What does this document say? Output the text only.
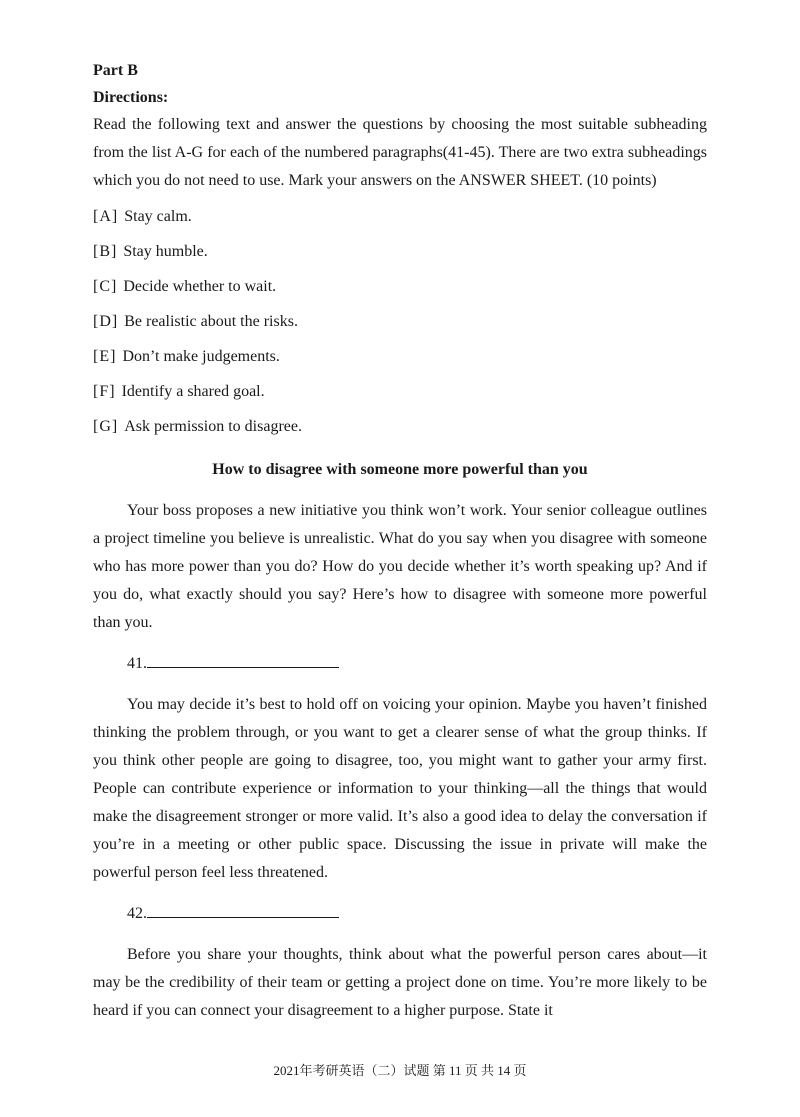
Part B

Directions:

Read the following text and answer the questions by choosing the most suitable subheading from the list A-G for each of the numbered paragraphs(41-45). There are two extra subheadings which you do not need to use. Mark your answers on the ANSWER SHEET. (10 points)

[A] Stay calm.
[B] Stay humble.
[C] Decide whether to wait.
[D] Be realistic about the risks.
[E] Don’t make judgements.
[F] Identify a shared goal.
[G] Ask permission to disagree.

How to disagree with someone more powerful than you

Your boss proposes a new initiative you think won’t work. Your senior colleague outlines a project timeline you believe is unrealistic. What do you say when you disagree with someone who has more power than you do? How do you decide whether it’s worth speaking up? And if you do, what exactly should you say? Here’s how to disagree with someone more powerful than you.

41.

You may decide it’s best to hold off on voicing your opinion. Maybe you haven’t finished thinking the problem through, or you want to get a clearer sense of what the group thinks. If you think other people are going to disagree, too, you might want to gather your army first. People can contribute experience or information to your thinking—all the things that would make the disagreement stronger or more valid. It’s also a good idea to delay the conversation if you’re in a meeting or other public space. Discussing the issue in private will make the powerful person feel less threatened.

42.

Before you share your thoughts, think about what the powerful person cares about—it may be the credibility of their team or getting a project done on time. You’re more likely to be heard if you can connect your disagreement to a higher purpose. State it

2021年考研英语（二）试题 第 11 页 共 14 页
